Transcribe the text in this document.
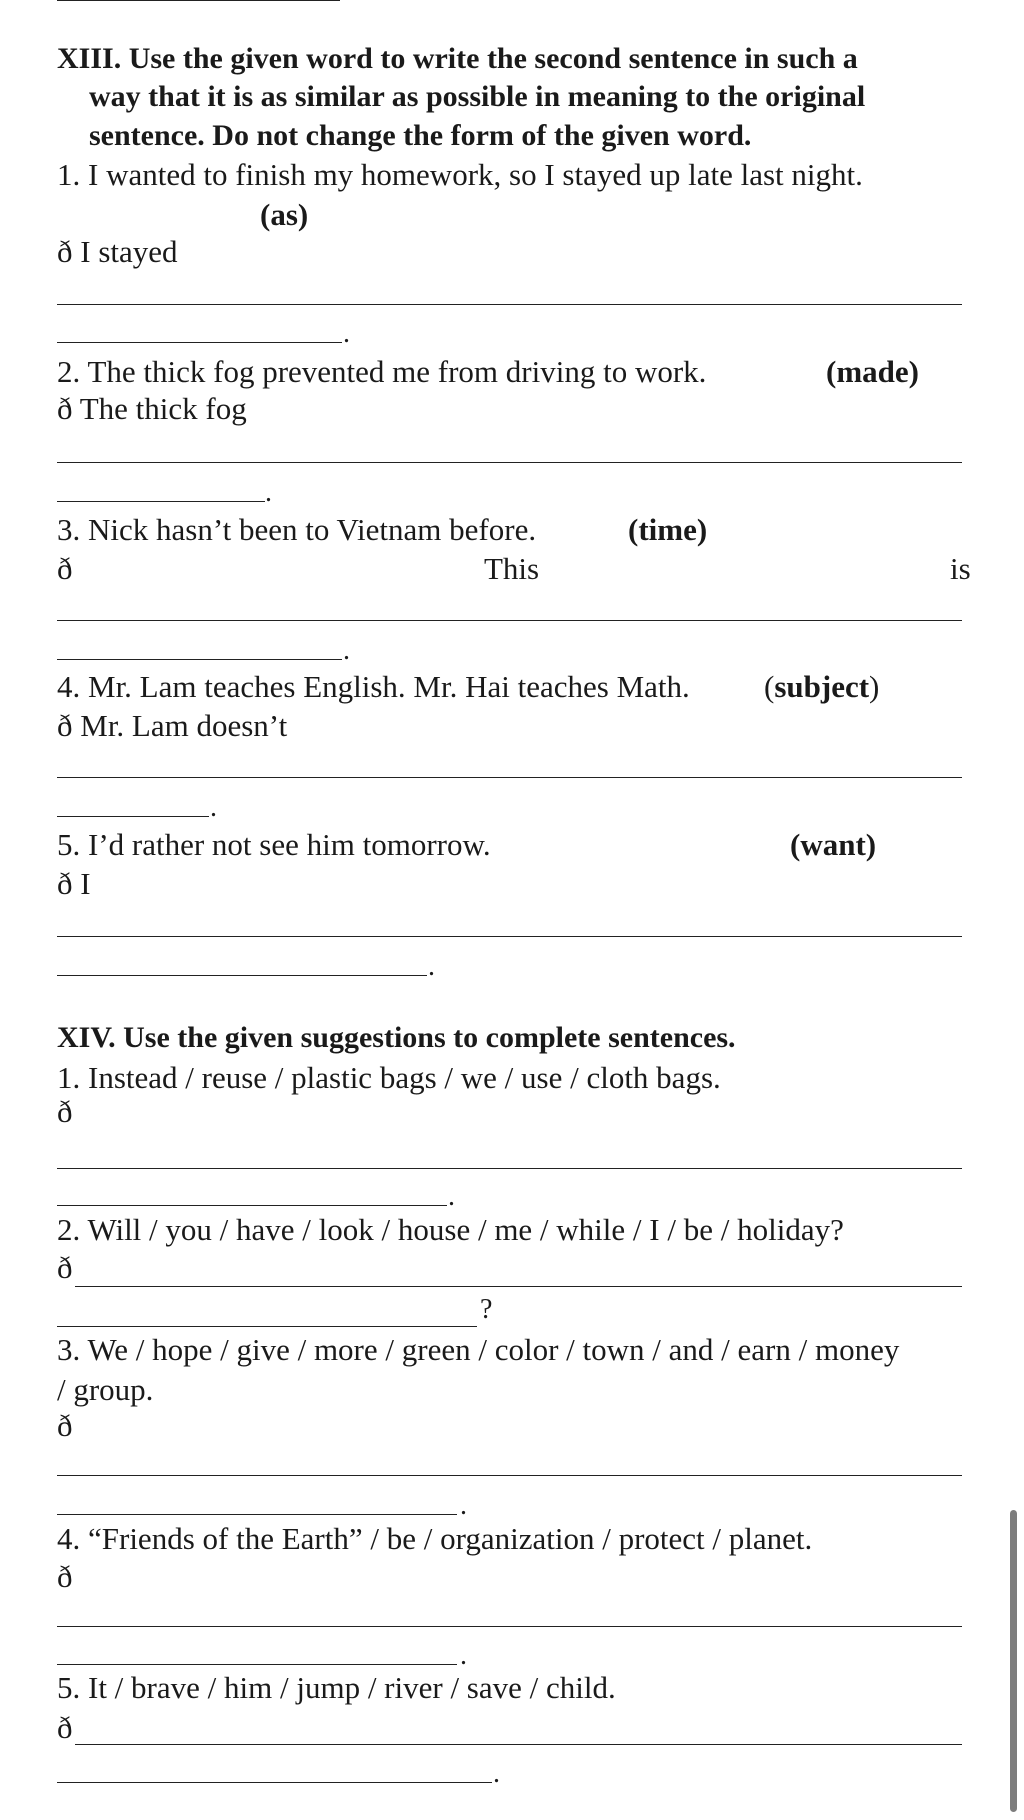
XIII. Use the given word to write the second sentence in such a
way that it is as similar as possible in meaning to the original
sentence. Do not change the form of the given word.
1. I wanted to finish my homework, so I stayed up late last night.
(as)
ð I stayed
.
2. The thick fog prevented me from driving to work.	(made)
ð The thick fog
.
3. Nick hasn’t been to Vietnam before.	(time)
ð	This	is
.
4. Mr. Lam teaches English. Mr. Hai teaches Math. (subject)
ð Mr. Lam doesn’t
.
5. I’d rather not see him tomorrow.	(want)
ð I
.
XIV. Use the given suggestions to complete sentences.
1. Instead / reuse / plastic bags / we / use / cloth bags.
ð
.
2. Will / you / have / look / house / me / while / I / be / holiday?
ð
?
3. We / hope / give / more / green / color / town / and / earn / money
/ group.
ð
.
4. “Friends of the Earth” / be / organization / protect / planet.
ð
.
5. It / brave / him / jump / river / save / child.
ð
.
